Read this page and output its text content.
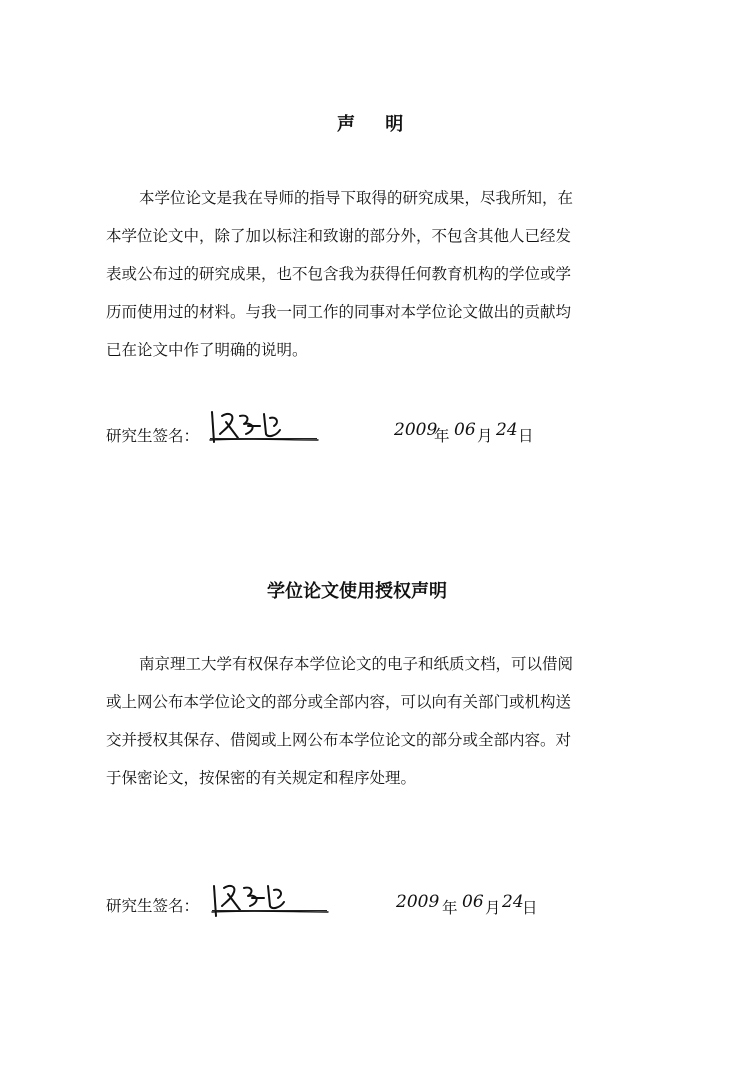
声 明

本学位论文是我在导师的指导下取得的研究成果，尽我所知，在

本学位论文中，除了加以标注和致谢的部分外，不包含其他人已经发

表或公布过的研究成果，也不包含我为获得任何教育机构的学位或学

历而使用过的材料。与我一同工作的同事对本学位论文做出的贡献均

已在论文中作了明确的说明。

研究生签名：	2009
年 06 月 24 日
学位论文使用授权声明

南京理工大学有权保存本学位论文的电子和纸质文档，可以借阅

或上网公布本学位论文的部分或全部内容，可以向有关部门或机构送

交并授权其保存、借阅或上网公布本学位论文的部分或全部内容。对

于保密论文，按保密的有关规定和程序处理。

研究生签名：	2009 年 06 月 24
日
